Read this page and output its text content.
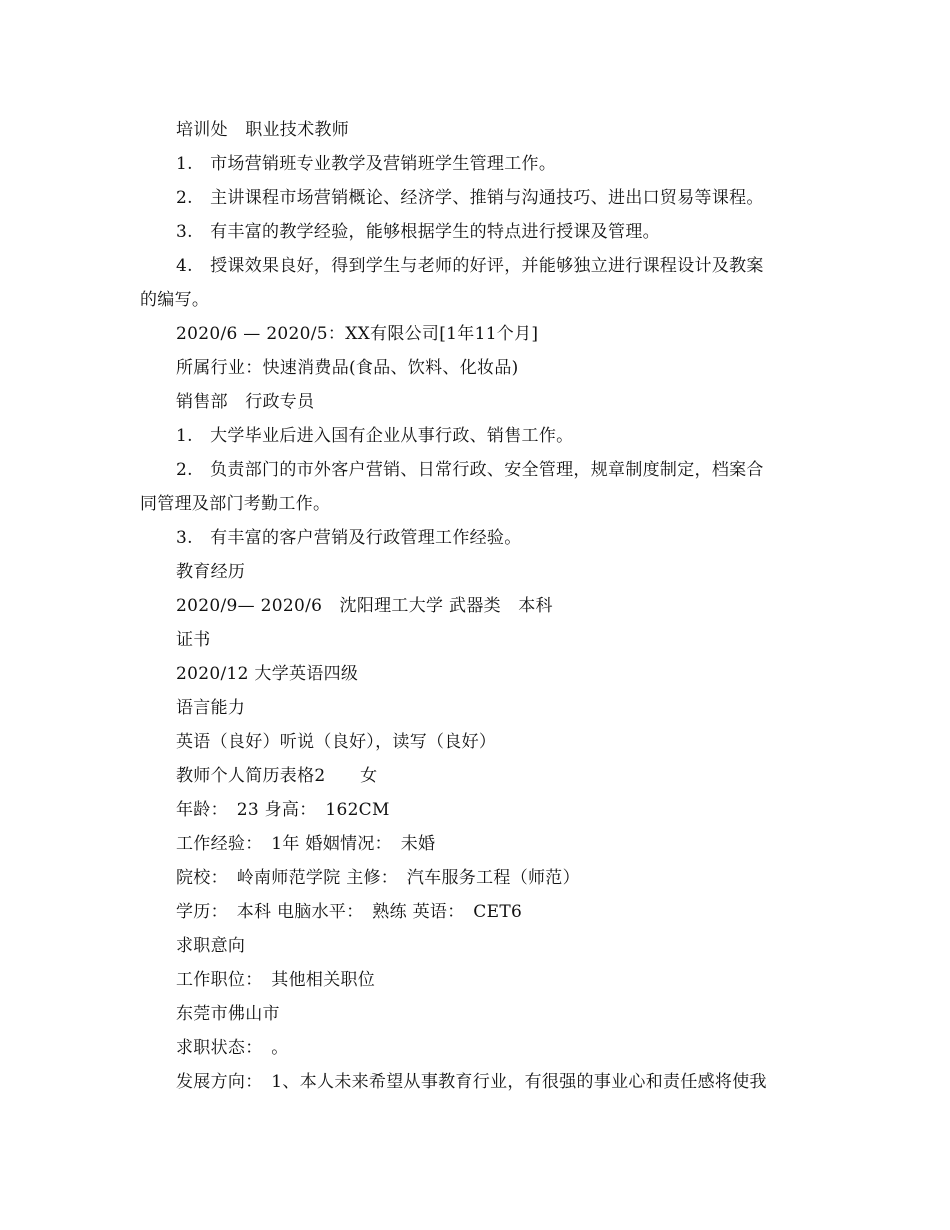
培训处　职业技术教师
1.　市场营销班专业教学及营销班学生管理工作。
2.　主讲课程市场营销概论、经济学、推销与沟通技巧、进出口贸易等课程。
3.　有丰富的教学经验，能够根据学生的特点进行授课及管理。
4.　授课效果良好，得到学生与老师的好评，并能够独立进行课程设计及教案
的编写。
2020/6 — 2020/5：XX有限公司[1年11个月]
所属行业：快速消费品(食品、饮料、化妆品)
销售部　行政专员
1.　大学毕业后进入国有企业从事行政、销售工作。
2.　负责部门的市外客户营销、日常行政、安全管理，规章制度制定，档案合
同管理及部门考勤工作。
3.　有丰富的客户营销及行政管理工作经验。
教育经历
2020/9— 2020/6　沈阳理工大学 武器类　本科
证书
2020/12 大学英语四级
语言能力
英语（良好）听说（良好），读写（良好）
教师个人简历表格2　　女
年龄：　23 身高：　162CM
工作经验：　1年 婚姻情况：　未婚
院校：　岭南师范学院 主修：　汽车服务工程（师范）
学历：　本科 电脑水平：　熟练 英语：　CET6
求职意向
工作职位：　其他相关职位
东莞市佛山市
求职状态：　。
发展方向：　1、本人未来希望从事教育行业，有很强的事业心和责任感将使我
